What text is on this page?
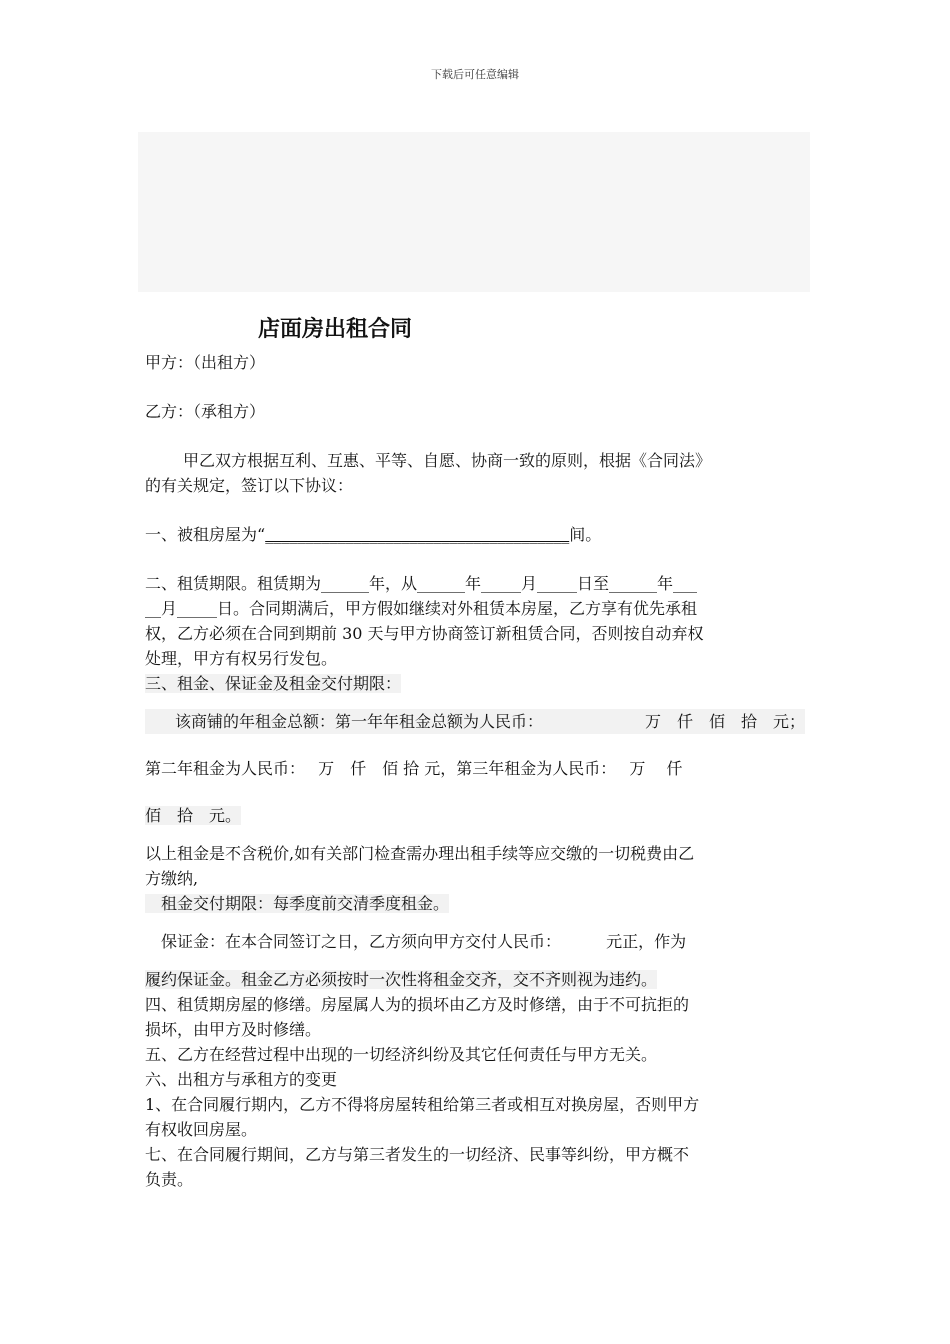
下载后可任意编辑
店面房出租合同

甲方：（出租方）

乙方：（承租方）

　甲乙双方根据互利、互惠、平等、自愿、协商一致的原则，根据《合同法》

的有关规定，签订以下协议：

一、被租房屋为“______________________________________间。

二、租赁期限。租赁期为______年，从______年_____月_____日至______年___

__月_____日。合同期满后，甲方假如继续对外租赁本房屋，乙方享有优先承租

权，乙方必须在合同到期前 30 天与甲方协商签订新租赁合同，否则按自动弃权

处理，甲方有权另行发包。

三、租金、保证金及租金交付期限：

该商铺的年租金总额：第一年年租金总额为人民币：	万　仟　佰　拾　元；

第二年租金为人民币：　 万　仟　佰 拾 元，第三年租金为人民币：　 万　 仟

佰　拾　元。

以上租金是不含税价,如有关部门检查需办理出租手续等应交缴的一切税费由乙

方缴纳,

　租金交付期限：每季度前交清季度租金。

　保证金：在本合同签订之日，乙方须向甲方交付人民币：　　　 元正，作为

履约保证金。租金乙方必须按时一次性将租金交齐，交不齐则视为违约。

四、租赁期房屋的修缮。房屋属人为的损坏由乙方及时修缮，由于不可抗拒的

损坏，由甲方及时修缮。

五、乙方在经营过程中出现的一切经济纠纷及其它任何责任与甲方无关。

六、出租方与承租方的变更

1、在合同履行期内，乙方不得将房屋转租给第三者或相互对换房屋，否则甲方

有权收回房屋。

七、在合同履行期间，乙方与第三者发生的一切经济、民事等纠纷，甲方概不

负责。
